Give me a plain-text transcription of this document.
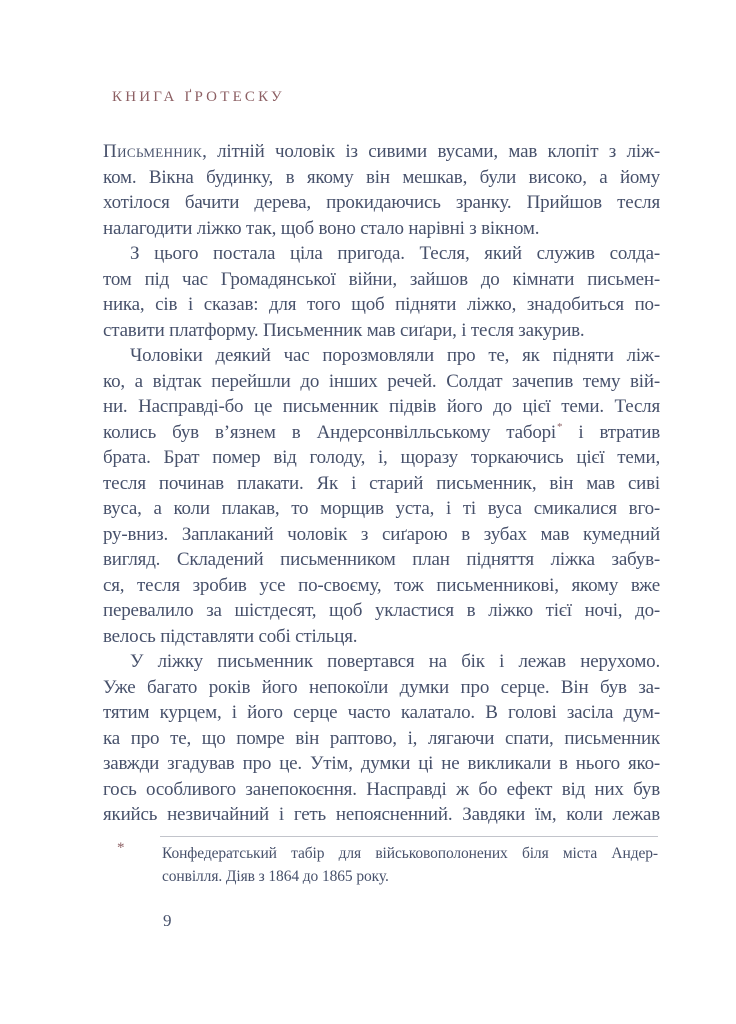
КНИГА ҐРОТЕСКУ
Письменник, літній чоловік із сивими вусами, мав клопіт з ліж-
ком. Вікна будинку, в якому він мешкав, були високо, а йому
хотілося бачити дерева, прокидаючись зранку. Прийшов тесля
налагодити ліжко так, щоб воно стало нарівні з вікном.
З цього постала ціла пригода. Тесля, який служив солда-
том під час Громадянської війни, зайшов до кімнати письмен-
ника, сів і сказав: для того щоб підняти ліжко, знадобиться по-
ставити платформу. Письменник мав сиґари, і тесля закурив.
Чоловіки деякий час порозмовляли про те, як підняти ліж-
ко, а відтак перейшли до інших речей. Солдат зачепив тему вій-
ни. Насправді-бо це письменник підвів його до цієї теми. Тесля
колись був в’язнем в Андерсонвілльському таборі* і втратив
брата. Брат помер від голоду, і, щоразу торкаючись цієї теми,
тесля починав плакати. Як і старий письменник, він мав сиві
вуса, а коли плакав, то морщив уста, і ті вуса смикалися вго-
ру-вниз. Заплаканий чоловік з сиґарою в зубах мав кумедний
вигляд. Складений письменником план підняття ліжка забув-
ся, тесля зробив усе по-своєму, тож письменникові, якому вже
перевалило за шістдесят, щоб укластися в ліжко тієї ночі, до-
велось підставляти собі стільця.
У ліжку письменник повертався на бік і лежав нерухомо.
Уже багато років його непокоїли думки про серце. Він був за-
тятим курцем, і його серце часто калатало. В голові засіла дум-
ка про те, що помре він раптово, і, лягаючи спати, письменник
завжди згадував про це. Утім, думки ці не викликали в нього яко-
гось особливого занепокоєння. Насправді ж бо ефект від них був
якийсь незвичайний і геть непоясненний. Завдяки їм, коли лежав
* Конфедератський табір для військовополонених біля міста Андер-
сонвілля. Діяв з 1864 до 1865 року.
9
